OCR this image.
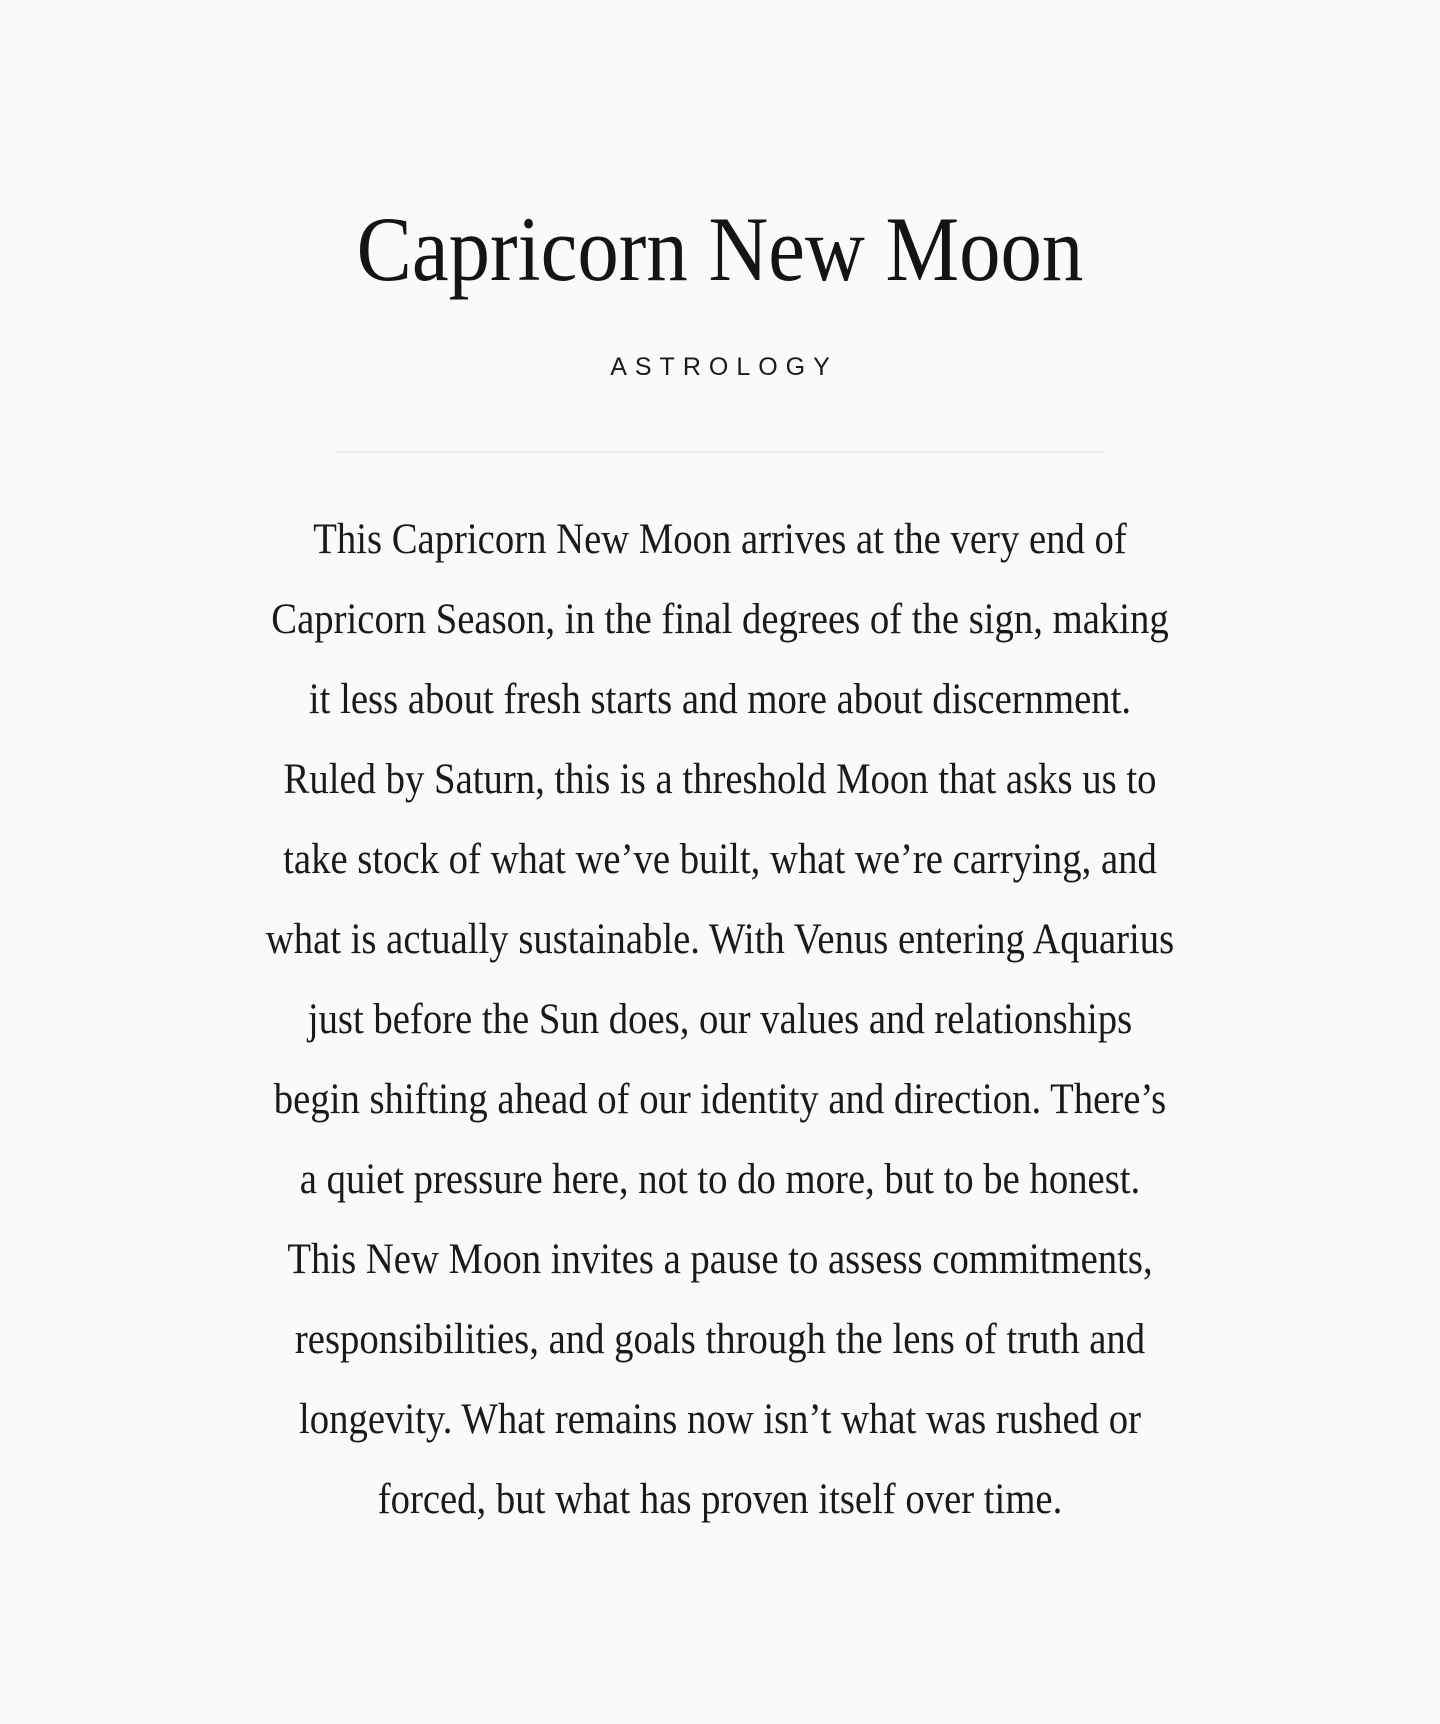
Capricorn New Moon
ASTROLOGY
This Capricorn New Moon arrives at the very end of
Capricorn Season, in the final degrees of the sign, making
it less about fresh starts and more about discernment.
Ruled by Saturn, this is a threshold Moon that asks us to
take stock of what we’ve built, what we’re carrying, and
what is actually sustainable. With Venus entering Aquarius
just before the Sun does, our values and relationships
begin shifting ahead of our identity and direction. There’s
a quiet pressure here, not to do more, but to be honest.
This New Moon invites a pause to assess commitments,
responsibilities, and goals through the lens of truth and
longevity. What remains now isn’t what was rushed or
forced, but what has proven itself over time.
